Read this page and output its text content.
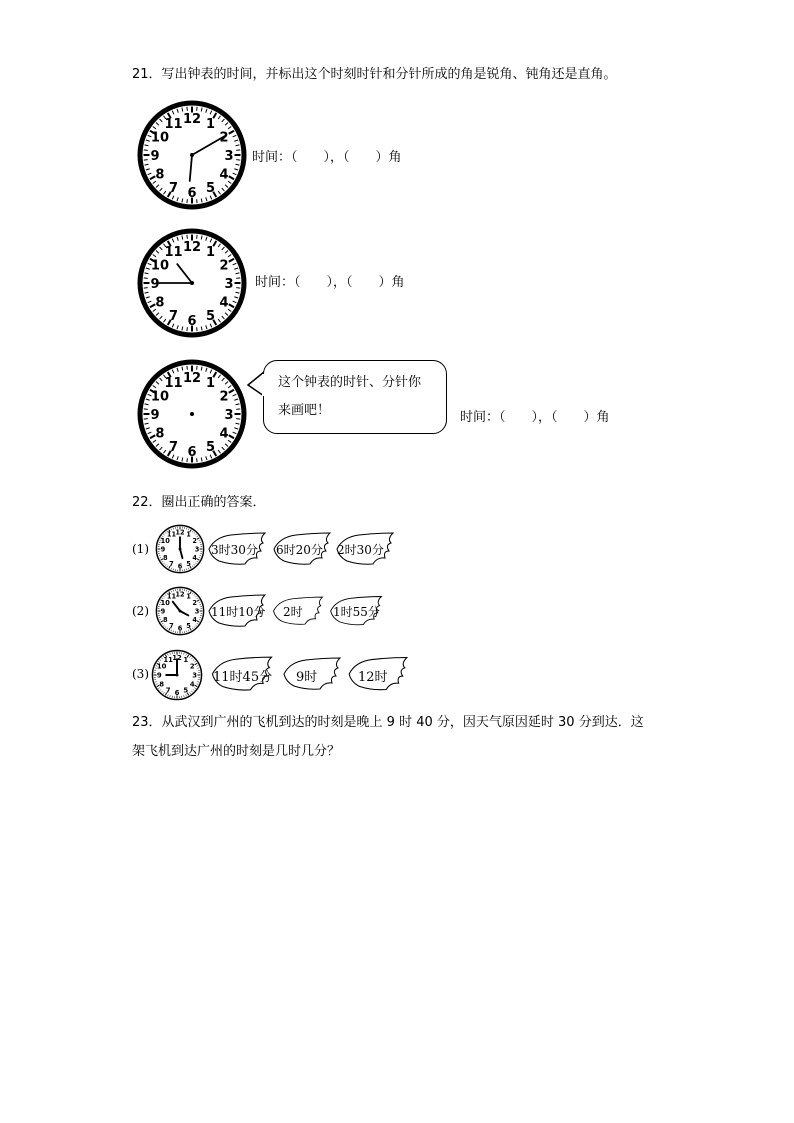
21．写出钟表的时间，并标出这个时刻时针和分针所成的角是锐角、钝角还是直角。
12 1
2
3
4
5
6
7
8
9
10
11
时间：（　　），（　　）角
12 1
2
3
4
5
6
7
8
9
10
11
时间：（　　），（　　）角
12 1
2
3
4
5
6
7
8
9
10
11	这个钟表的时针、分针你
来画吧！	时间：（　　），（　　）角
22．圈出正确的答案．
(1)
12 1
2
3
4
5
6
7
8
9
10
11
(2)
12 1
2
3
4
5
6
7
8
9
10
11
(3)
12 1
2
3
4
5
6
7
8
9
10
11
3时30分 6时20分 2时30分
11时10分 2时	1时55分
11时45分 9时	12时
23．从武汉到广州的飞机到达的时刻是晚上 9 时 40 分，因天气原因延时 30 分到达．这
架飞机到达广州的时刻是几时几分？
